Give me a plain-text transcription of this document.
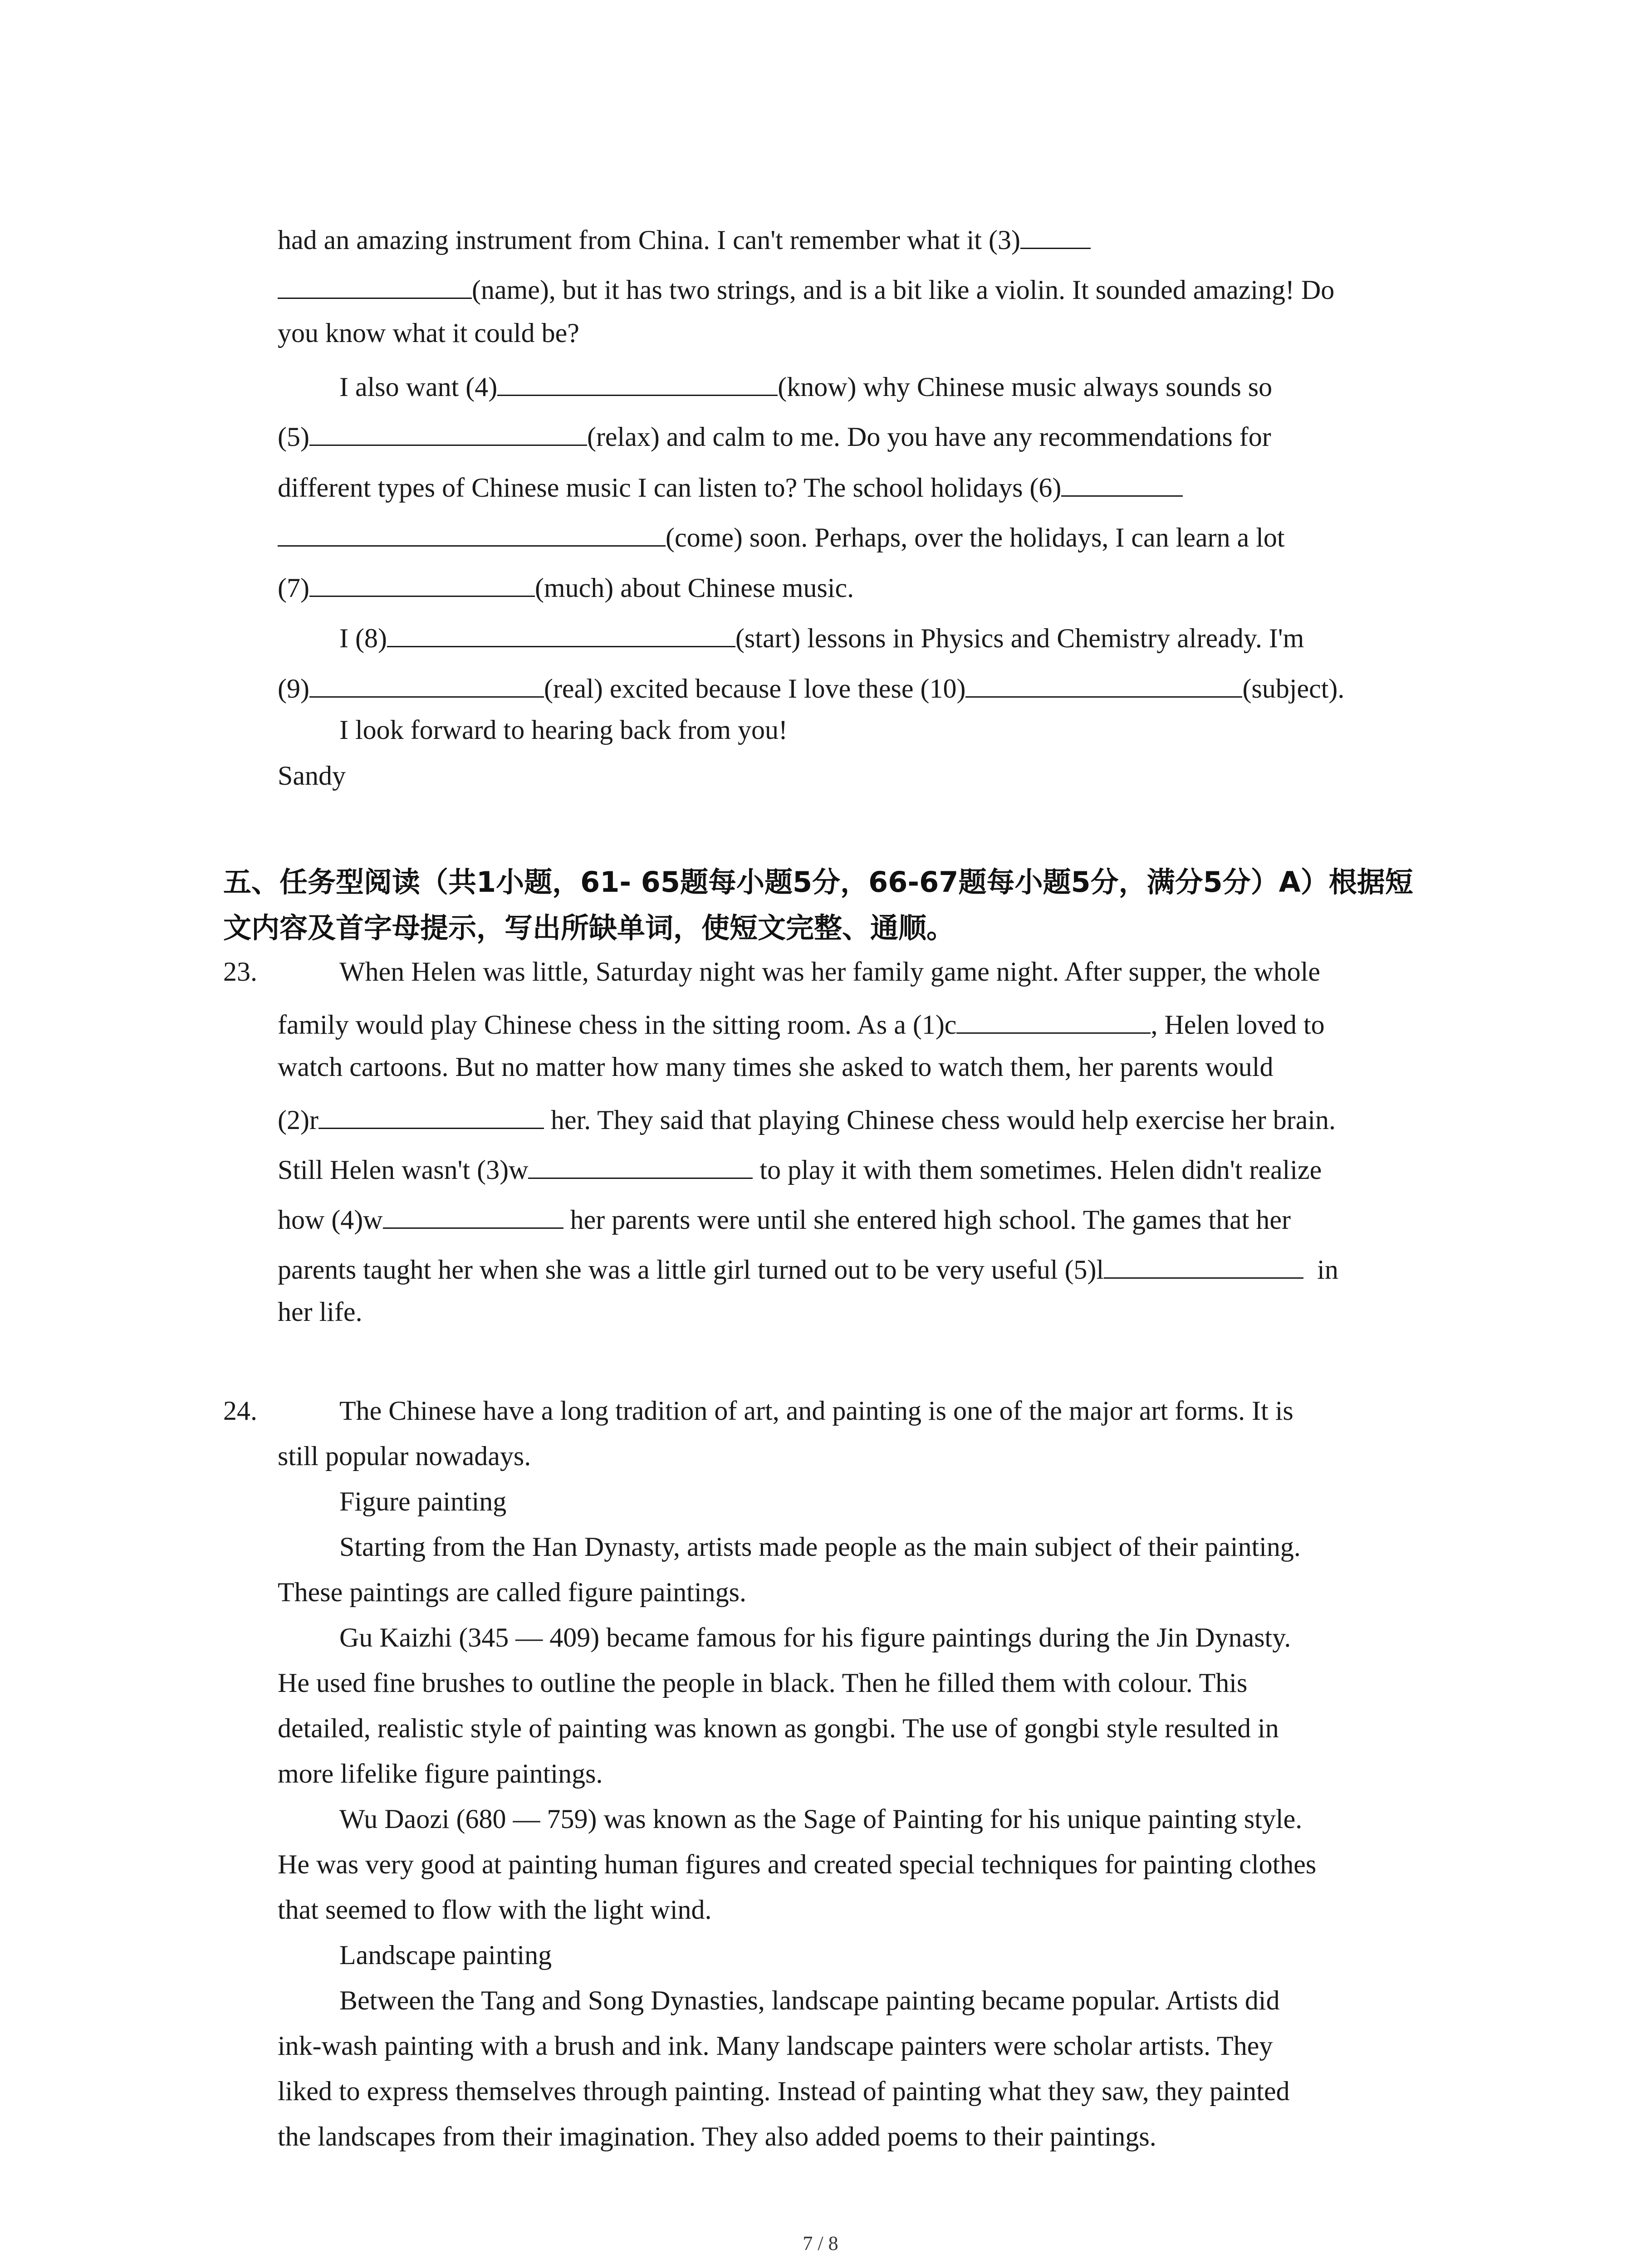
had an amazing instrument from China. I can't remember what it (3)
(name), but it has two strings, and is a bit like a violin. It sounded amazing! Do
you know what it could be?
I also want (4)	(know) why Chinese music always sounds so
(5)	(relax) and calm to me. Do you have any recommendations for
different types of Chinese music I can listen to? The school holidays (6)
(come) soon. Perhaps, over the holidays, I can learn a lot
(7)	(much) about Chinese music.
I (8)	(start) lessons in Physics and Chemistry already. I'm
(9)	(real) excited because I love these (10)	(subject).
I look forward to hearing back from you!
Sandy
五、任务型阅读（共1小题，61- 65题每小题5分，66-67题每小题5分，满分5分）A）根据短
文内容及首字母提示，写出所缺单词，使短文完整、通顺。
23.	When Helen was little, Saturday night was her family game night. After supper, the whole
family would play Chinese chess in the sitting room. As a (1)c	, Helen loved to
watch cartoons. But no matter how many times she asked to watch them, her parents would
(2)r	her. They said that playing Chinese chess would help exercise her brain.
Still Helen wasn't (3)w	to play it with them sometimes. Helen didn't realize
how (4)w	her parents were until she entered high school. The games that her
parents taught her when she was a little girl turned out to be very useful (5)l	in
her life.
24.	The Chinese have a long tradition of art, and painting is one of the major art forms. It is
still popular nowadays.
Figure painting
Starting from the Han Dynasty, artists made people as the main subject of their painting.
These paintings are called figure paintings.
Gu Kaizhi (345 — 409) became famous for his figure paintings during the Jin Dynasty.
He used fine brushes to outline the people in black. Then he filled them with colour. This
detailed, realistic style of painting was known as gongbi. The use of gongbi style resulted in
more lifelike figure paintings.
Wu Daozi (680 — 759) was known as the Sage of Painting for his unique painting style.
He was very good at painting human figures and created special techniques for painting clothes
that seemed to flow with the light wind.
Landscape painting
Between the Tang and Song Dynasties, landscape painting became popular. Artists did
ink-wash painting with a brush and ink. Many landscape painters were scholar artists. They
liked to express themselves through painting. Instead of painting what they saw, they painted
the landscapes from their imagination. They also added poems to their paintings.
7 / 8
